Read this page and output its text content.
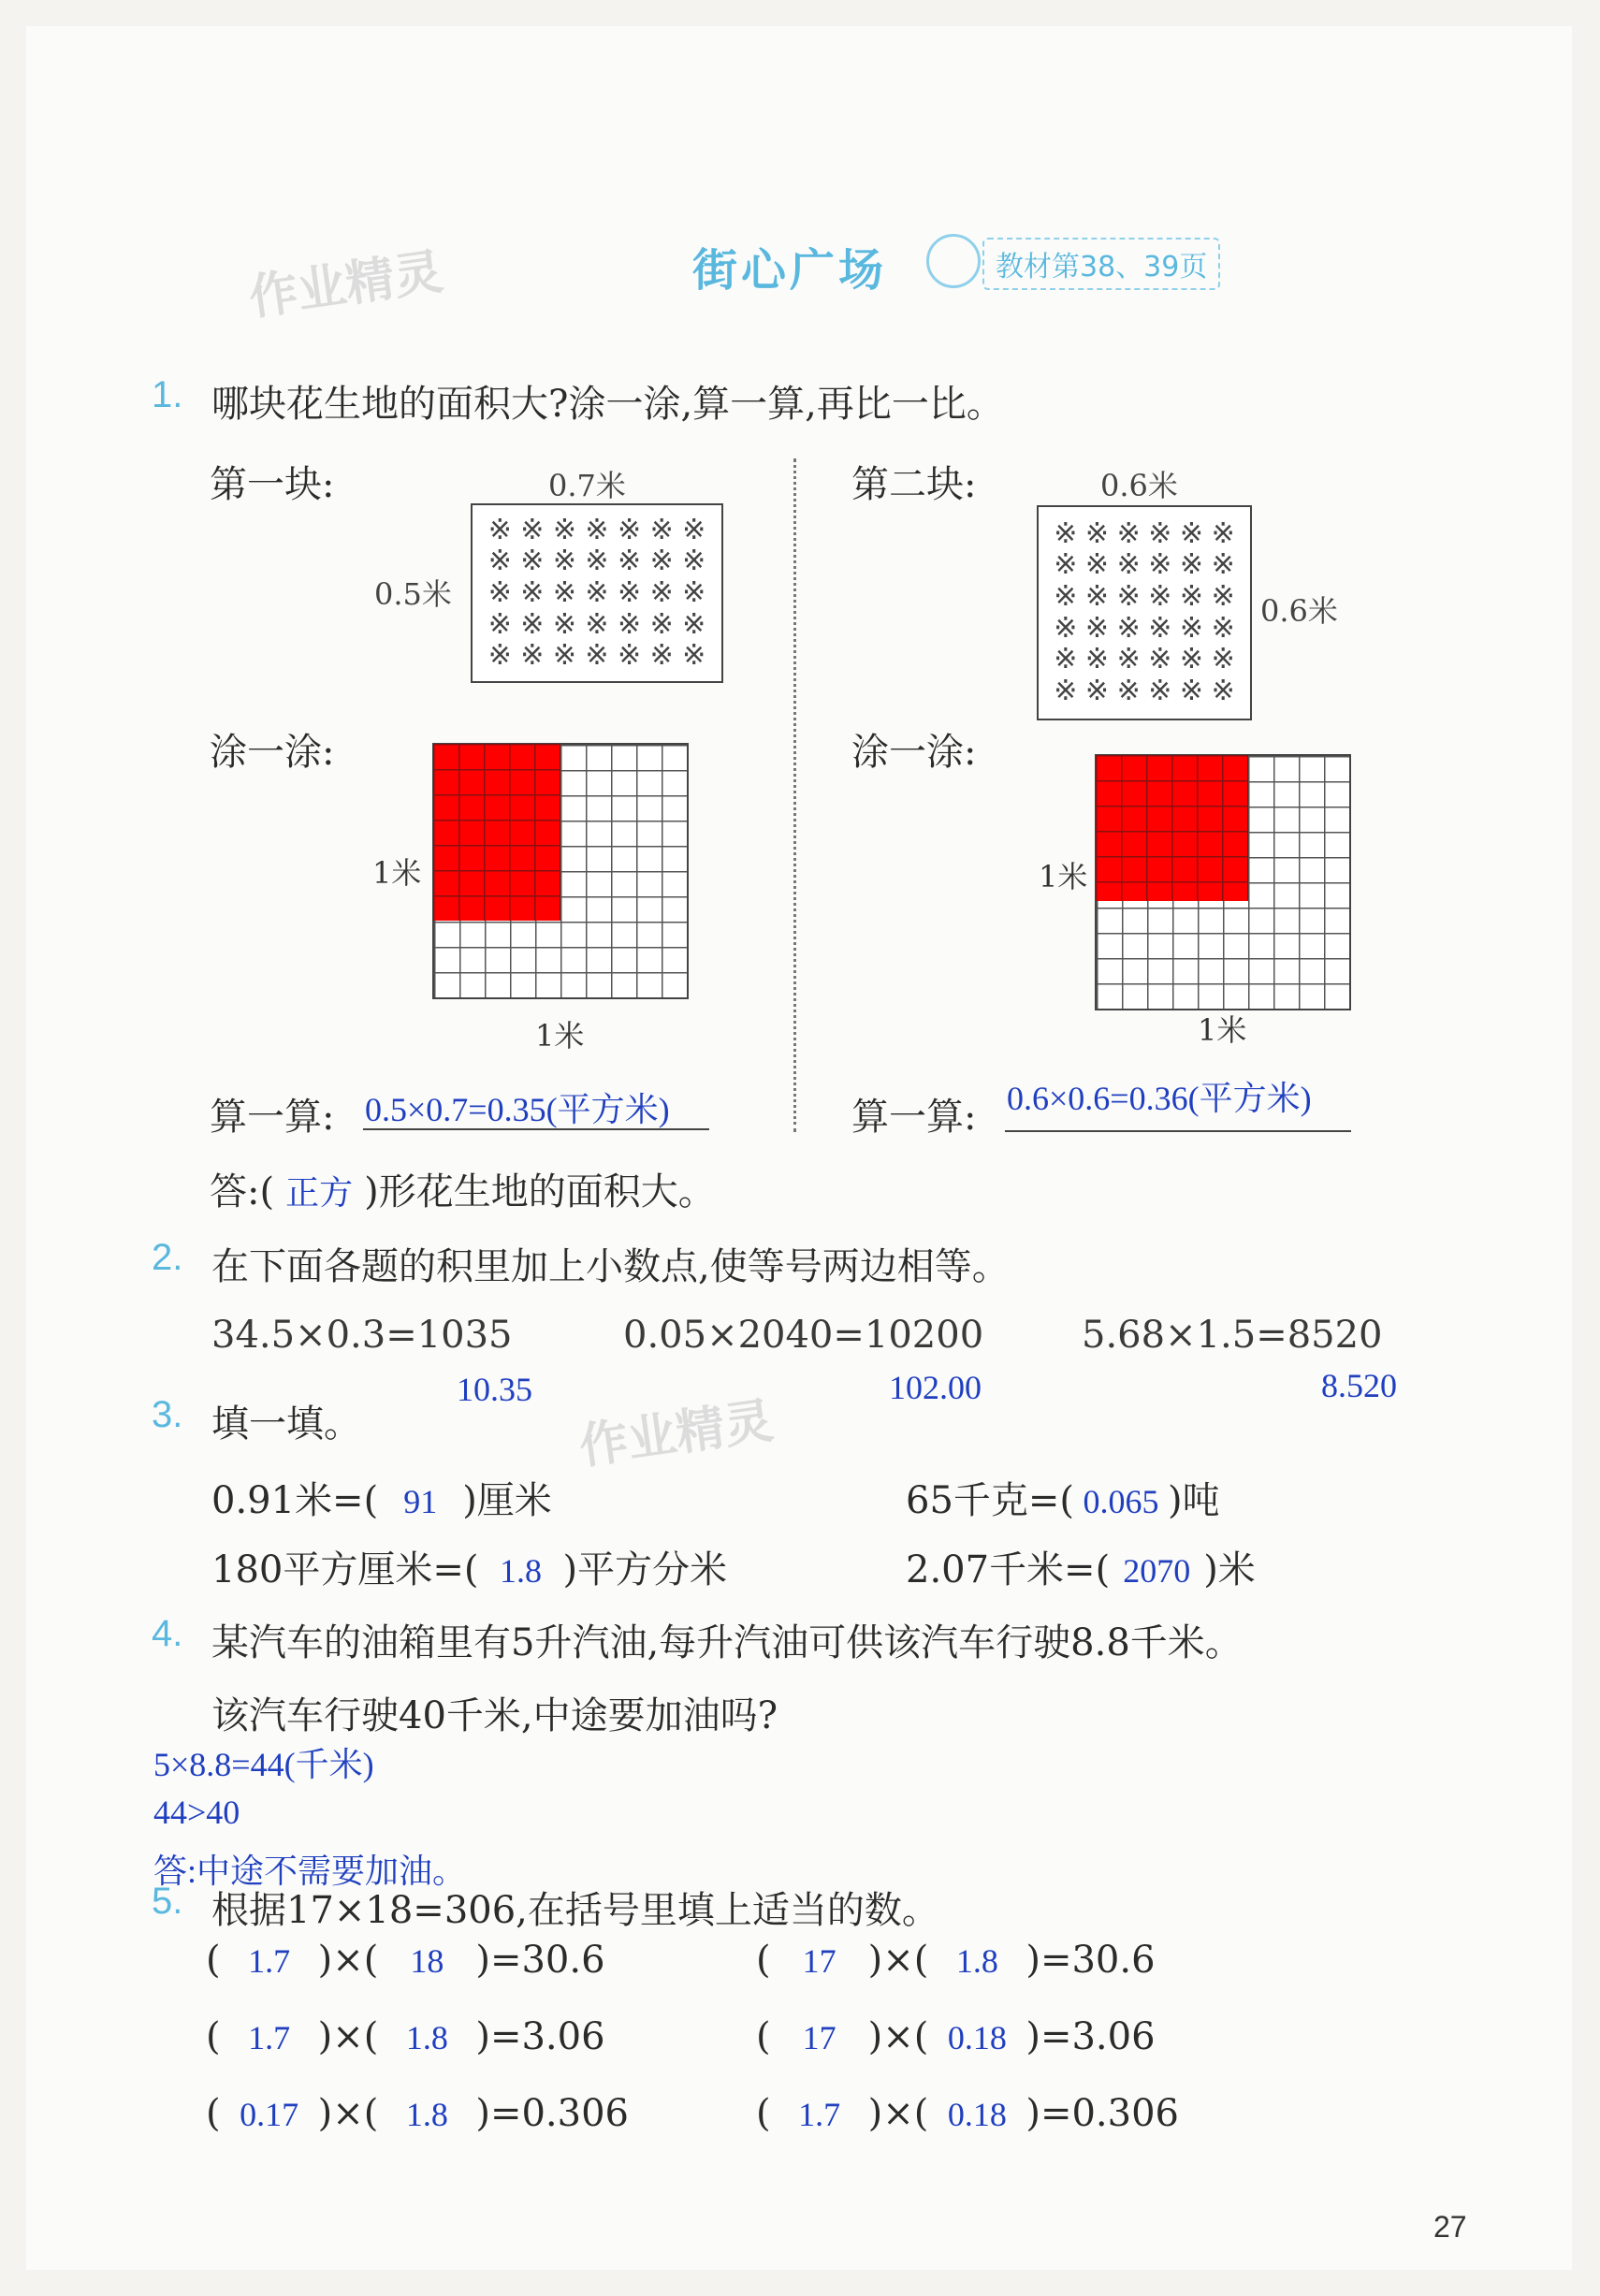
作业精灵	街心广场	教材第38、39页
1. 哪块花生地的面积大?涂一涂,算一算,再比一比。
第一块:	0.7米
0.5米
※ ※ ※ ※ ※ ※ ※
※ ※ ※ ※ ※ ※ ※
※ ※ ※ ※ ※ ※ ※
※ ※ ※ ※ ※ ※ ※
※ ※ ※ ※ ※ ※ ※
涂一涂:
1米
1米
算一算: 0.5×0.7=0.35(平方米)
第二块:	0.6米
0.6米
※ ※ ※ ※ ※ ※
※ ※ ※ ※ ※ ※
※ ※ ※ ※ ※ ※
※ ※ ※ ※ ※ ※
※ ※ ※ ※ ※ ※
※ ※ ※ ※ ※ ※
涂一涂:
1米
1米
算一算: 0.6×0.6=0.36(平方米)
答:( 正方 )形花生地的面积大。
2. 在下面各题的积里加上小数点,使等号两边相等。
34.5×0.3=1035	0.05×2040=10200	5.68×1.5=8520
10.35	102.00	8.520
作业精灵
3. 填一填。
0.91米=( 91 )厘米	65千克=( 0.065 )吨
180平方厘米=( 1.8 )平方分米	2.07千米=( 2070 )米
4. 某汽车的油箱里有5升汽油,每升汽油可供该汽车行驶8.8千米。
该汽车行驶40千米,中途要加油吗?
5×8.8=44(千米)
44>40
答:中途不需要加油。
5. 根据17×18=306,在括号里填上适当的数。
( 1.7 )×( 18 )=30.6	( 17 )×( 1.8 )=30.6
( 1.7 )×( 1.8 )=3.06	( 17 )×( 0.18 )=3.06
( 0.17 )×( 1.8 )=0.306	( 1.7 )×( 0.18 )=0.306
27
